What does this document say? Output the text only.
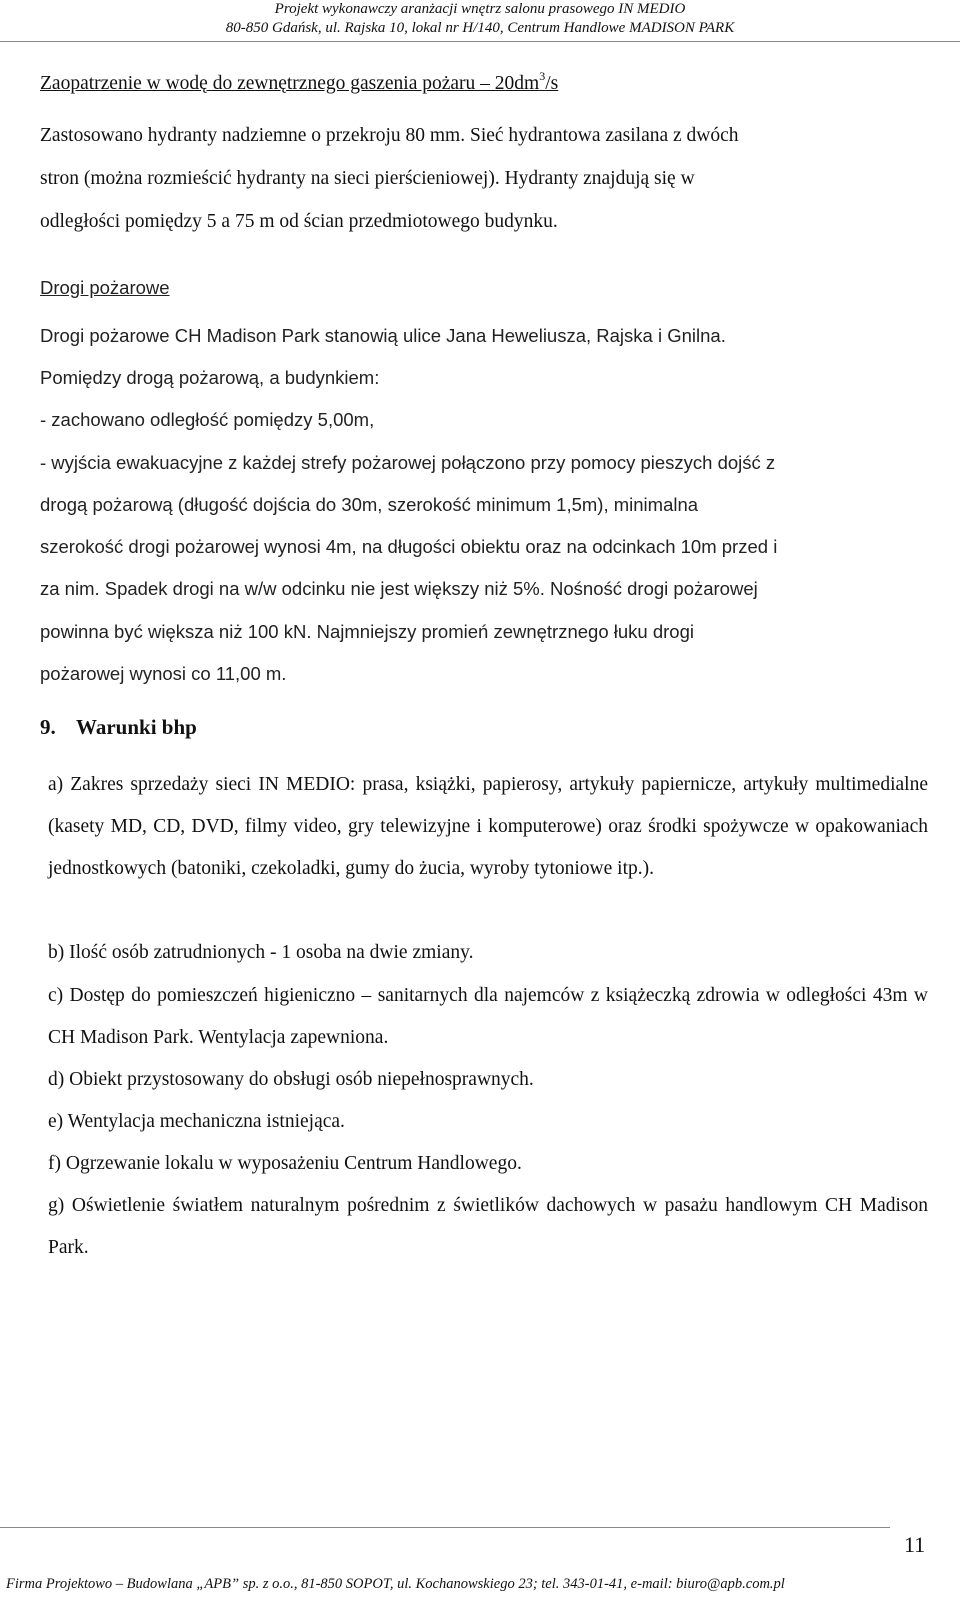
Projekt wykonawczy aranżacji wnętrz salonu prasowego IN MEDIO
80-850 Gdańsk, ul. Rajska 10, lokal nr H/140, Centrum Handlowe MADISON PARK
Zaopatrzenie w wodę do zewnętrznego gaszenia pożaru – $20dm^3/s$
Zastosowano hydranty nadziemne o przekroju 80 mm. Sieć hydrantowa zasilana z dwóch
stron (można rozmieścić hydranty na sieci pierścieniowej). Hydranty znajdują się w
odległości pomiędzy 5 a 75 m od ścian przedmiotowego budynku.
Drogi pożarowe
Drogi pożarowe CH Madison Park stanowią ulice Jana Heweliusza, Rajska i Gnilna.
Pomiędzy drogą pożarową, a budynkiem:
- zachowano odległość pomiędzy 5,00m,
- wyjścia ewakuacyjne z każdej strefy pożarowej połączono przy pomocy pieszych dojść z
drogą pożarową (długość dojścia do 30m, szerokość minimum 1,5m), minimalna
szerokość drogi pożarowej wynosi 4m, na długości obiektu oraz na odcinkach 10m przed i
za nim. Spadek drogi na w/w odcinku nie jest większy niż 5%. Nośność drogi pożarowej
powinna być większa niż 100 kN. Najmniejszy promień zewnętrznego łuku drogi
pożarowej wynosi co 11,00 m.
9. Warunki bhp
a) Zakres sprzedaży sieci IN MEDIO: prasa, książki, papierosy, artykuły papiernicze, artykuły multimedialne (kasety MD, CD, DVD, filmy video, gry telewizyjne i komputerowe) oraz środki spożywcze w opakowaniach jednostkowych (batoniki, czekoladki, gumy do żucia, wyroby tytoniowe itp.).
b) Ilość osób zatrudnionych - 1 osoba na dwie zmiany.
c) Dostęp do pomieszczeń higieniczno – sanitarnych dla najemców z książeczką zdrowia w odległości 43m w CH Madison Park. Wentylacja zapewniona.
d) Obiekt przystosowany do obsługi osób niepełnosprawnych.
e) Wentylacja mechaniczna istniejąca.
f) Ogrzewanie lokalu w wyposażeniu Centrum Handlowego.
g) Oświetlenie światłem naturalnym pośrednim z świetlików dachowych w pasażu handlowym CH Madison Park.
11
Firma Projektowo – Budowlana „APB” sp. z o.o., 81-850 SOPOT, ul. Kochanowskiego 23; tel. 343-01-41, e-mail: biuro@apb.com.pl
